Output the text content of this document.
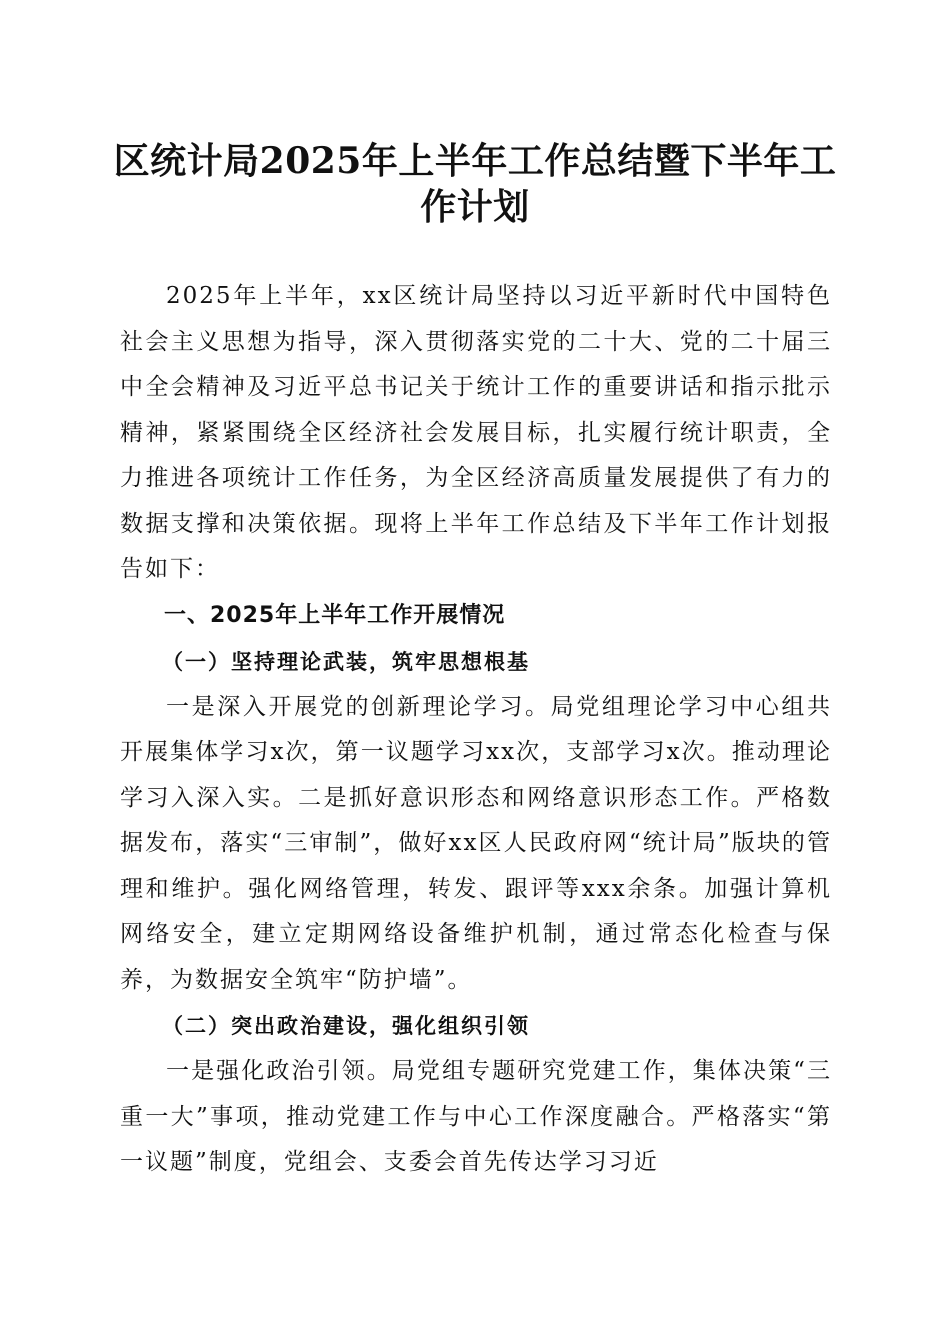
区统计局2025年上半年工作总结暨下半年工作计划

2025年上半年，xx区统计局坚持以习近平新时代中国特色社会主义思想为指导，深入贯彻落实党的二十大、党的二十届三中全会精神及习近平总书记关于统计工作的重要讲话和指示批示精神，紧紧围绕全区经济社会发展目标，扎实履行统计职责，全力推进各项统计工作任务，为全区经济高质量发展提供了有力的数据支撑和决策依据。现将上半年工作总结及下半年工作计划报告如下：

一、2025年上半年工作开展情况

（一）坚持理论武装，筑牢思想根基

一是深入开展党的创新理论学习。局党组理论学习中心组共开展集体学习x次，第一议题学习xx次，支部学习x次。推动理论学习入深入实。二是抓好意识形态和网络意识形态工作。严格数据发布，落实“三审制”，做好xx区人民政府网“统计局”版块的管理和维护。强化网络管理，转发、跟评等xxx余条。加强计算机网络安全，建立定期网络设备维护机制，通过常态化检查与保养，为数据安全筑牢“防护墙”。

（二）突出政治建设，强化组织引领

一是强化政治引领。局党组专题研究党建工作，集体决策“三重一大”事项，推动党建工作与中心工作深度融合。严格落实“第一议题”制度，党组会、支委会首先传达学习习近
